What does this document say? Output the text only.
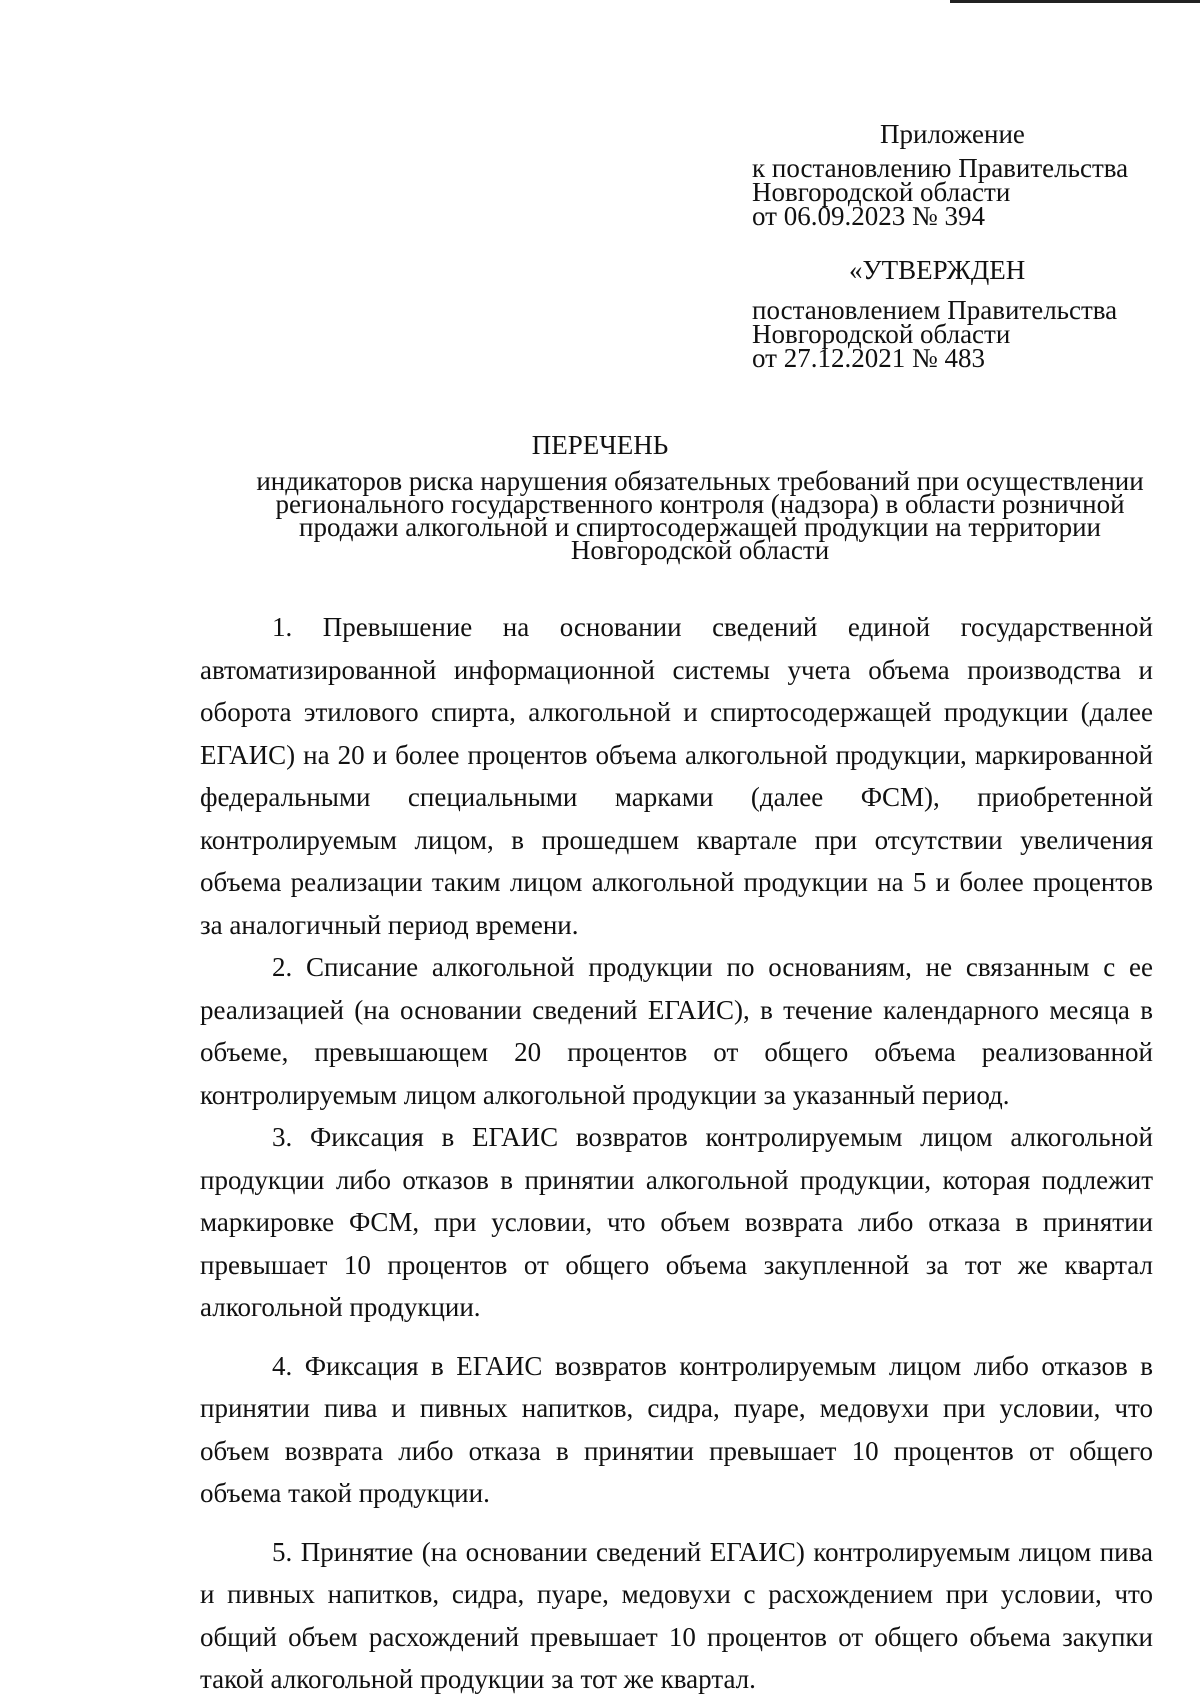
Приложение
к постановлению Правительства
Новгородской области
от 06.09.2023 № 394
«УТВЕРЖДЕН
постановлением Правительства
Новгородской области
от 27.12.2021 № 483
ПЕРЕЧЕНЬ
индикаторов риска нарушения обязательных требований при осуществлении
регионального государственного контроля (надзора) в области розничной
продажи алкогольной и спиртосодержащей продукции на территории
Новгородской области

1. Превышение на основании сведений единой государственной автоматизированной информационной системы учета объема производства и оборота этилового спирта, алкогольной и спиртосодержащей продукции (далее ЕГАИС) на 20 и более процентов объема алкогольной продукции, маркированной федеральными специальными марками (далее ФСМ), приобретенной контролируемым лицом, в прошедшем квартале при отсутствии увеличения объема реализации таким лицом алкогольной продукции на 5 и более процентов за аналогичный период времени.

2. Списание алкогольной продукции по основаниям, не связанным с ее реализацией (на основании сведений ЕГАИС), в течение календарного месяца в объеме, превышающем 20 процентов от общего объема реализованной контролируемым лицом алкогольной продукции за указанный период.

3. Фиксация в ЕГАИС возвратов контролируемым лицом алкогольной продукции либо отказов в принятии алкогольной продукции, которая подлежит маркировке ФСМ, при условии, что объем возврата либо отказа в принятии превышает 10 процентов от общего объема закупленной за тот же квартал алкогольной продукции.

4. Фиксация в ЕГАИС возвратов контролируемым лицом либо отказов в принятии пива и пивных напитков, сидра, пуаре, медовухи при условии, что объем возврата либо отказа в принятии превышает 10 процентов от общего объема такой продукции.

5. Принятие (на основании сведений ЕГАИС) контролируемым лицом пива и пивных напитков, сидра, пуаре, медовухи с расхождением при условии, что общий объем расхождений превышает 10 процентов от общего объема закупки такой алкогольной продукции за тот же квартал.
